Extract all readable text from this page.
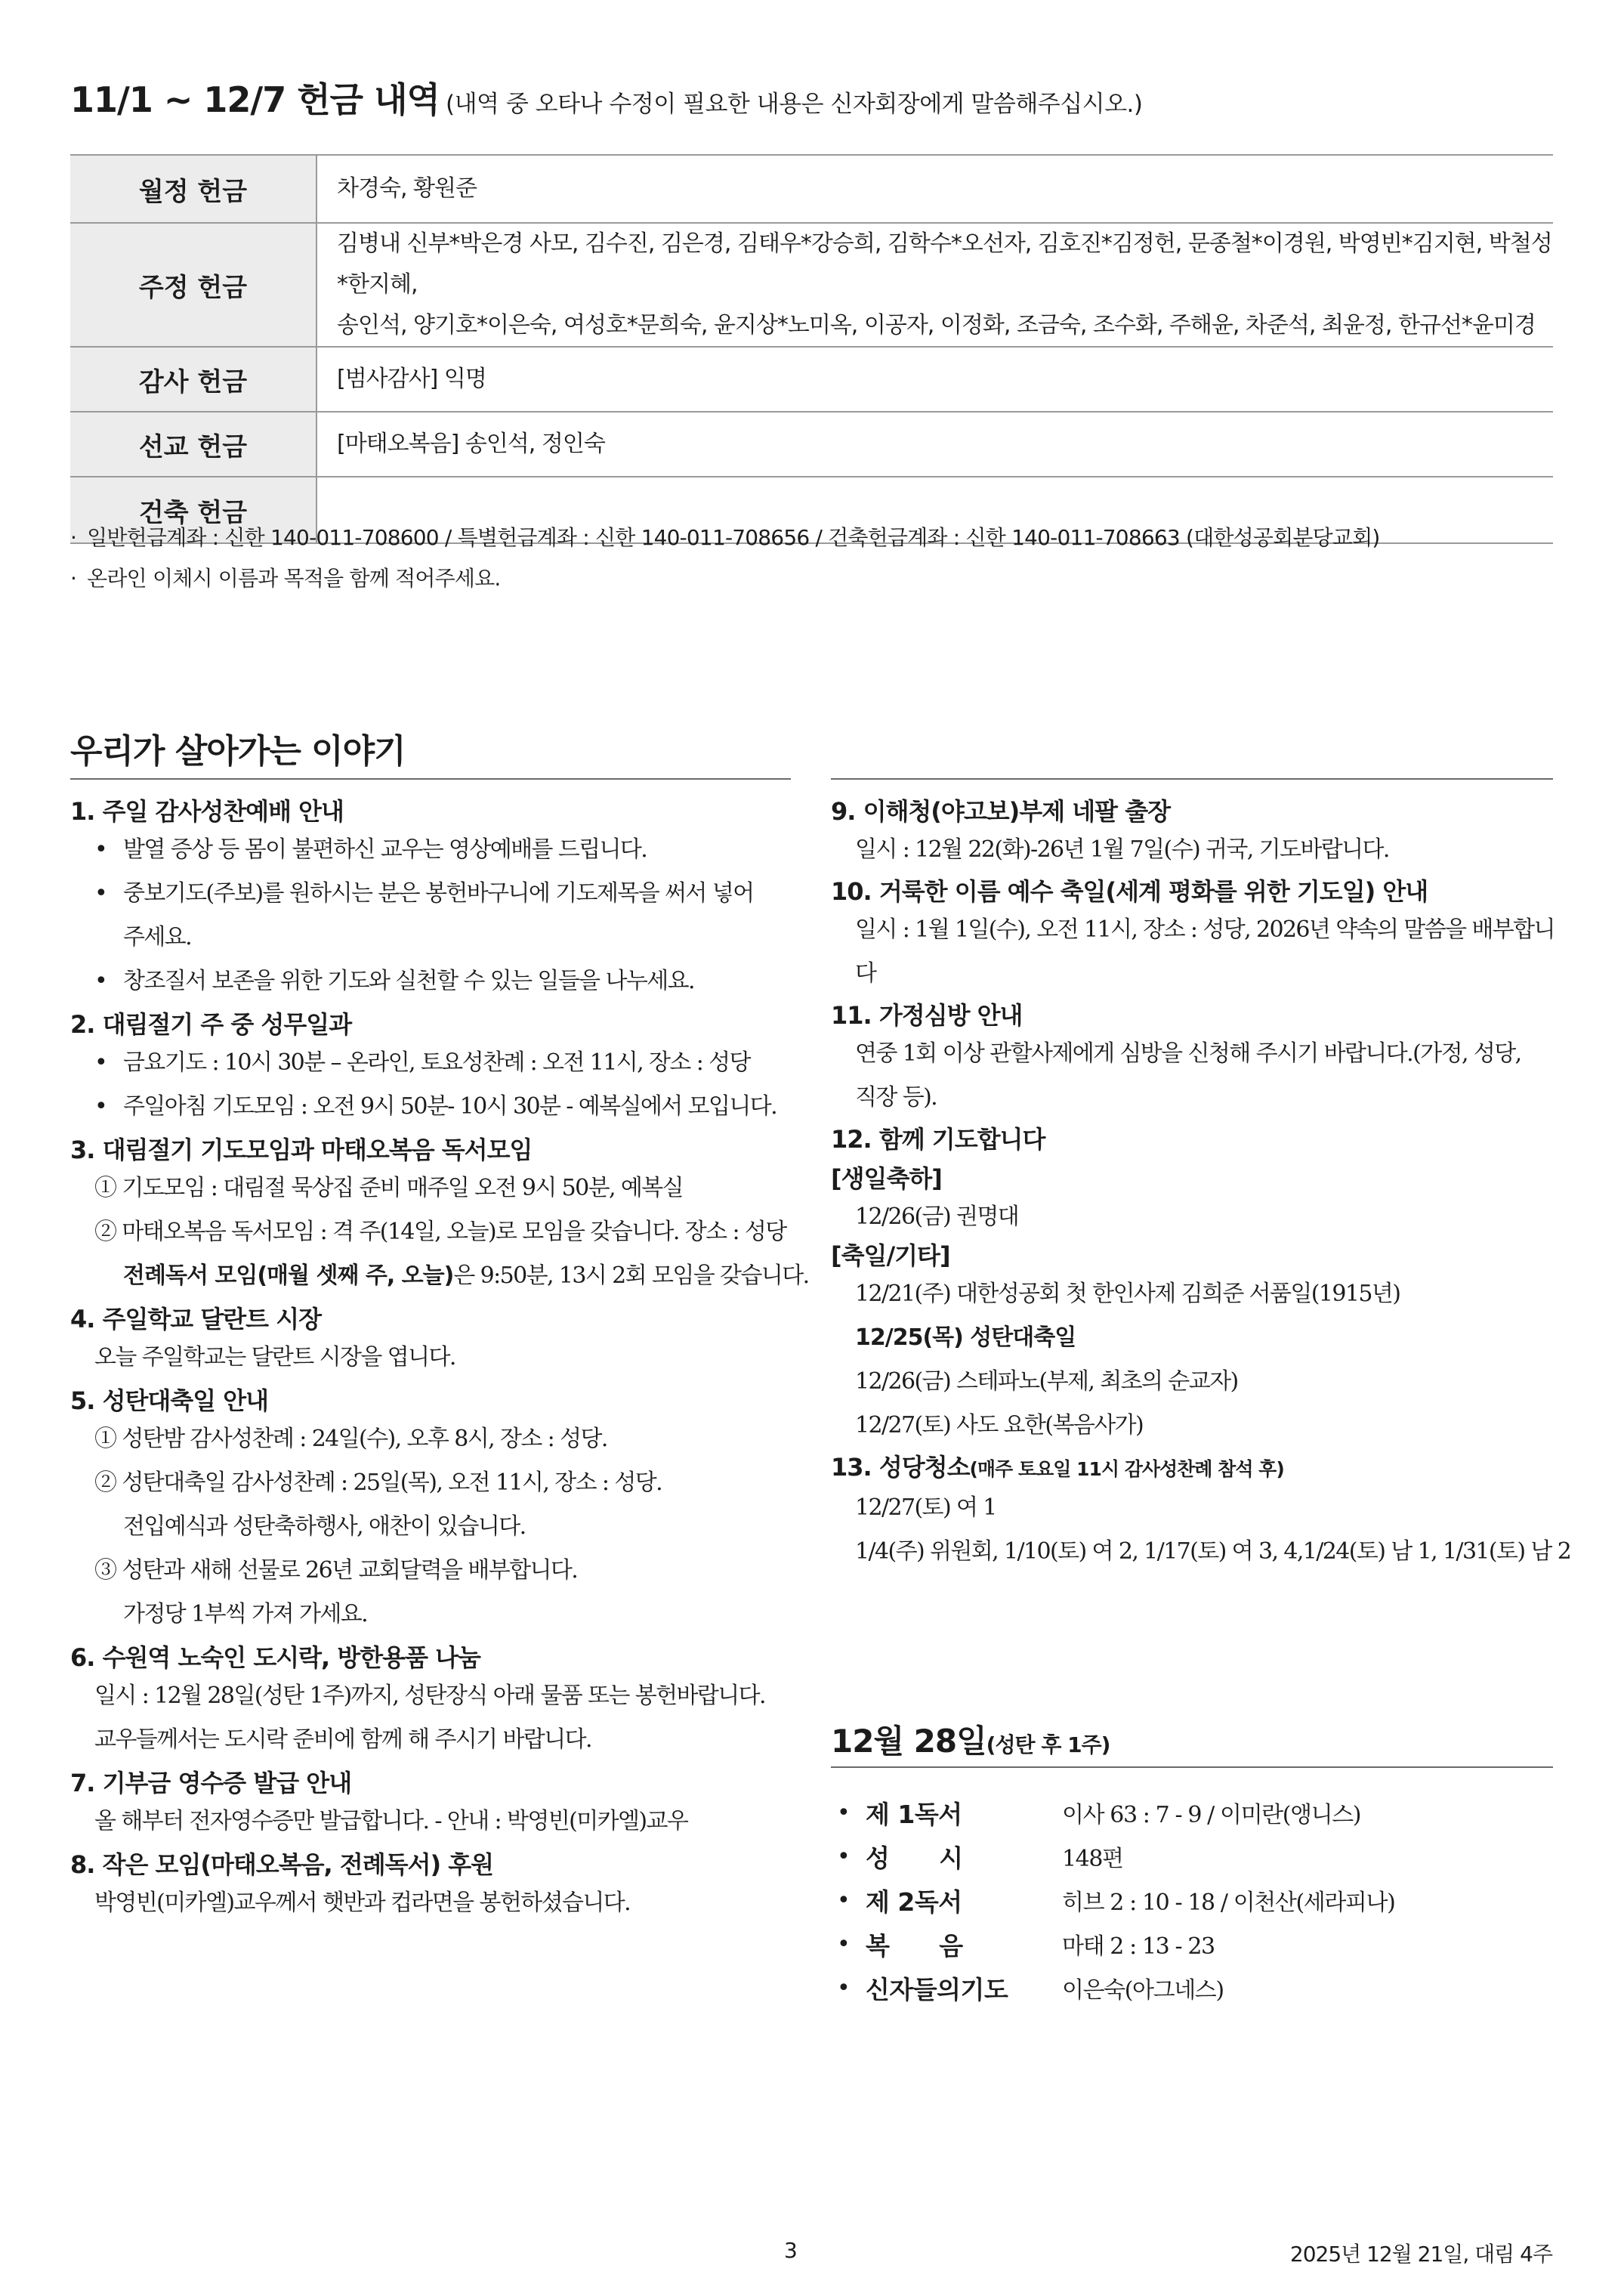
11/1 ~ 12/7 헌금 내역 (내역 중 오타나 수정이 필요한 내용은 신자회장에게 말씀해주십시오.)
월정 헌금	차경숙, 황원준
주정 헌금	김병내 신부*박은경 사모, 김수진, 김은경, 김태우*강승희, 김학수*오선자, 김호진*김정헌, 문종철*이경원, 박영빈*김지현, 박철성*한지혜,
송인석, 양기호*이은숙, 여성호*문희숙, 윤지상*노미옥, 이공자, 이정화, 조금숙, 조수화, 주해윤, 차준석, 최윤정, 한규선*윤미경

감사 헌금	[범사감사] 익명
선교 헌금	[마태오복음] 송인석, 정인숙
건축 헌금	
· 일반헌금계좌 : 신한 140-011-708600 / 특별헌금계좌 : 신한 140-011-708656 / 건축헌금계좌 : 신한 140-011-708663 (대한성공회분당교회)
· 온라인 이체시 이름과 목적을 함께 적어주세요.
우리가 살아가는 이야기
1. 주일 감사성찬예배 안내
• 발열 증상 등 몸이 불편하신 교우는 영상예배를 드립니다.
• 중보기도(주보)를 원하시는 분은 봉헌바구니에 기도제목을 써서 넣어
주세요.
• 창조질서 보존을 위한 기도와 실천할 수 있는 일들을 나누세요.
2. 대림절기 주 중 성무일과
• 금요기도 : 10시 30분 – 온라인, 토요성찬례 : 오전 11시, 장소 : 성당
• 주일아침 기도모임 : 오전 9시 50분- 10시 30분 - 예복실에서 모입니다.
3. 대림절기 기도모임과 마태오복음 독서모임
① 기도모임 : 대림절 묵상집 준비 매주일 오전 9시 50분, 예복실
② 마태오복음 독서모임 : 격 주(14일, 오늘)로 모임을 갖습니다. 장소 : 성당
전례독서 모임(매월 셋째 주, 오늘)은 9:50분, 13시 2회 모임을 갖습니다.
4. 주일학교 달란트 시장
오늘 주일학교는 달란트 시장을 엽니다.
5. 성탄대축일 안내
① 성탄밤 감사성찬례 : 24일(수), 오후 8시, 장소 : 성당.
② 성탄대축일 감사성찬례 : 25일(목), 오전 11시, 장소 : 성당.
전입예식과 성탄축하행사, 애찬이 있습니다.
③ 성탄과 새해 선물로 26년 교회달력을 배부합니다.
가정당 1부씩 가져 가세요.
6. 수원역 노숙인 도시락, 방한용품 나눔
일시 : 12월 28일(성탄 1주)까지, 성탄장식 아래 물품 또는 봉헌바랍니다.
교우들께서는 도시락 준비에 함께 해 주시기 바랍니다.
7. 기부금 영수증 발급 안내
올 해부터 전자영수증만 발급합니다. - 안내 : 박영빈(미카엘)교우
8. 작은 모임(마태오복음, 전례독서) 후원
박영빈(미카엘)교우께서 햇반과 컵라면을 봉헌하셨습니다.
9. 이해청(야고보)부제 네팔 출장
일시 : 12월 22(화)-26년 1월 7일(수) 귀국, 기도바랍니다.
10. 거룩한 이름 예수 축일(세계 평화를 위한 기도일) 안내
일시 : 1월 1일(수), 오전 11시, 장소 : 성당, 2026년 약속의 말씀을 배부합니
다
11. 가정심방 안내
연중 1회 이상 관할사제에게 심방을 신청해 주시기 바랍니다.(가정, 성당,
직장 등).
12. 함께 기도합니다
[생일축하]
12/26(금) 권명대
[축일/기타]
12/21(주) 대한성공회 첫 한인사제 김희준 서품일(1915년)
12/25(목) 성탄대축일
12/26(금) 스테파노(부제, 최초의 순교자)
12/27(토) 사도 요한(복음사가)
13. 성당청소(매주 토요일 11시 감사성찬례 참석 후)
12/27(토) 여 1
1/4(주) 위원회, 1/10(토) 여 2, 1/17(토) 여 3, 4,1/24(토) 남 1, 1/31(토) 남 2
12월 28일(성탄 후 1주)
• 제 1독서	이사 63 : 7 - 9 / 이미란(앵니스)
• 성      시	148편
• 제 2독서	히브 2 : 10 - 18 / 이천산(세라피나)
• 복      음	마태 2 : 13 - 23
• 신자들의기도	이은숙(아그네스)
3	2025년 12월 21일, 대림 4주
